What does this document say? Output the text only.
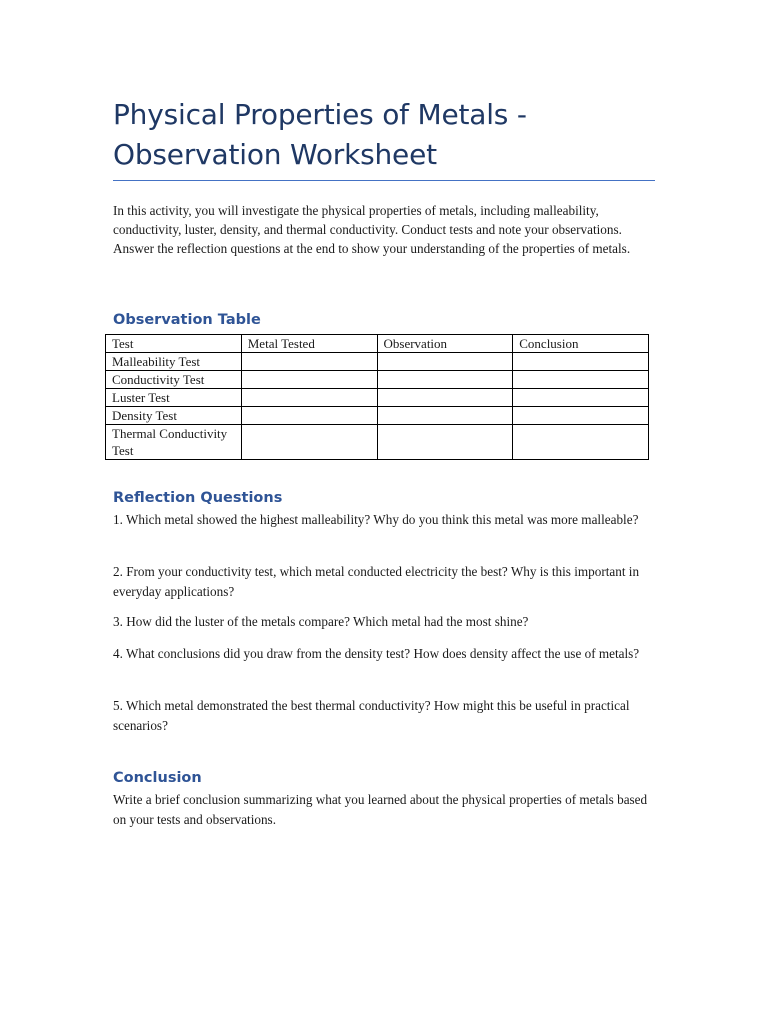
Physical Properties of Metals - Observation Worksheet

In this activity, you will investigate the physical properties of metals, including malleability, conductivity, luster, density, and thermal conductivity. Conduct tests and note your observations. Answer the reflection questions at the end to show your understanding of the properties of metals.

Observation Table
Test	Metal Tested	Observation	Conclusion
Malleability Test			
Conductivity Test			
Luster Test			
Density Test			
Thermal Conductivity Test			
Reflection Questions

1. Which metal showed the highest malleability? Why do you think this metal was more malleable?

2. From your conductivity test, which metal conducted electricity the best? Why is this important in everyday applications?

3. How did the luster of the metals compare? Which metal had the most shine?

4. What conclusions did you draw from the density test? How does density affect the use of metals?

5. Which metal demonstrated the best thermal conductivity? How might this be useful in practical scenarios?

Conclusion

Write a brief conclusion summarizing what you learned about the physical properties of metals based on your tests and observations.
